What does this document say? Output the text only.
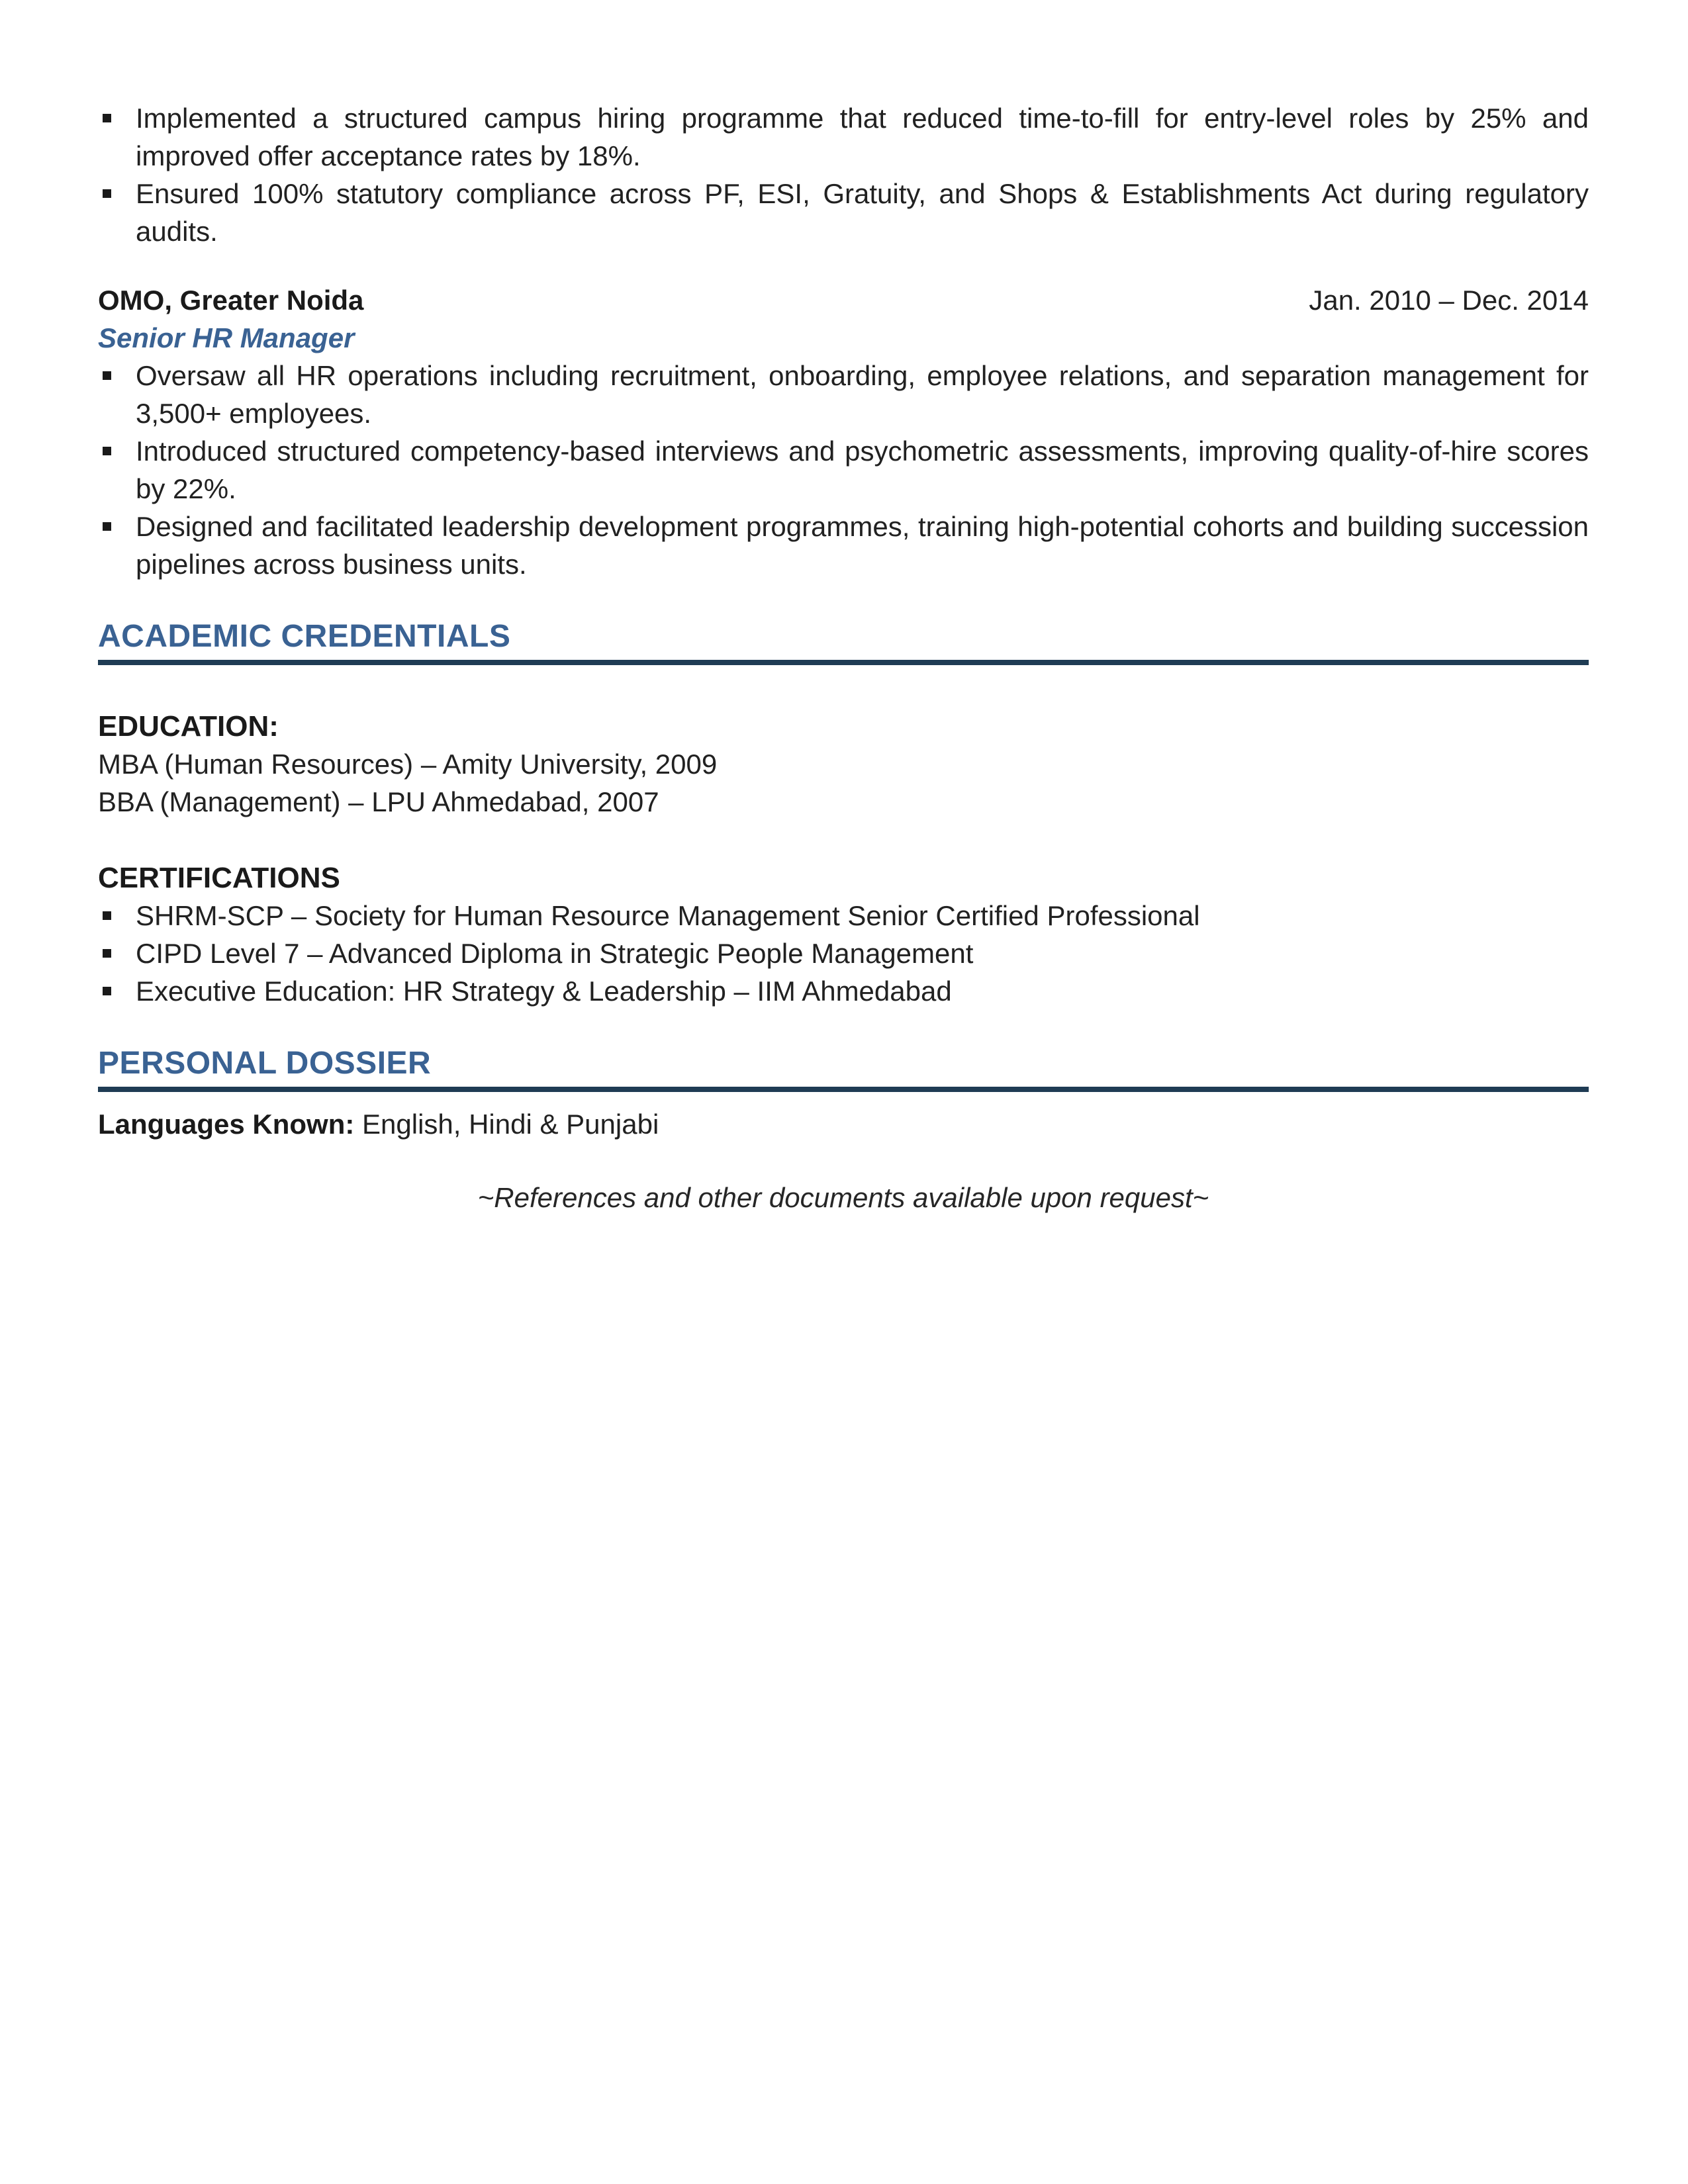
Implemented a structured campus hiring programme that reduced time-to-fill for entry-level roles by 25% and improved offer acceptance rates by 18%.
Ensured 100% statutory compliance across PF, ESI, Gratuity, and Shops & Establishments Act during regulatory audits.
OMO, Greater Noida	Jan. 2010 – Dec. 2014
Senior HR Manager
Oversaw all HR operations including recruitment, onboarding, employee relations, and separation management for 3,500+ employees.
Introduced structured competency-based interviews and psychometric assessments, improving quality-of-hire scores by 22%.
Designed and facilitated leadership development programmes, training high-potential cohorts and building succession pipelines across business units.
ACADEMIC CREDENTIALS
EDUCATION:
MBA (Human Resources) – Amity University, 2009
BBA (Management) – LPU Ahmedabad, 2007
CERTIFICATIONS
SHRM-SCP – Society for Human Resource Management Senior Certified Professional
CIPD Level 7 – Advanced Diploma in Strategic People Management
Executive Education: HR Strategy & Leadership – IIM Ahmedabad
PERSONAL DOSSIER

Languages Known: English, Hindi & Punjabi

~References and other documents available upon request~
